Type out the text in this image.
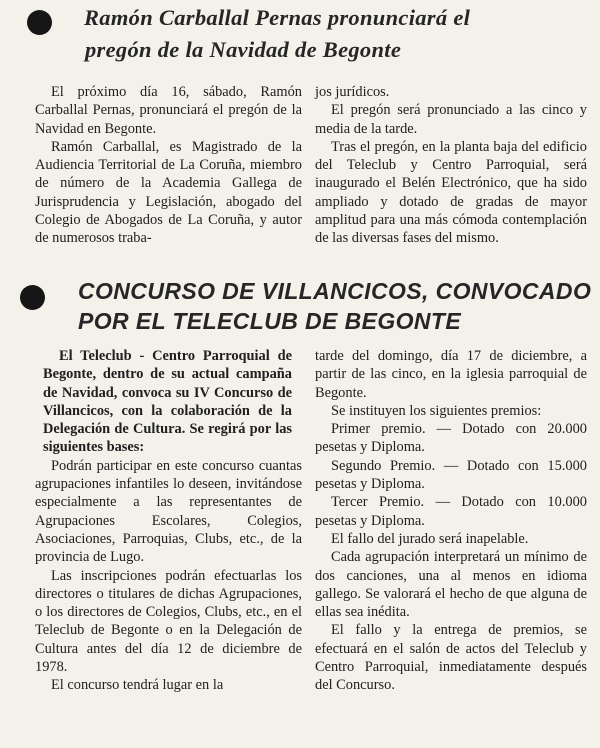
Ramón Carballal Pernas pronunciará el
pregón de la Navidad de Begonte

El próximo día 16, sábado, Ramón Carballal Pernas, pronunciará el pregón de la Navidad en Begonte.

Ramón Carballal, es Magistrado de la Audiencia Territorial de La Coruña, miembro de número de la Academia Gallega de Jurisprudencia y Legislación, abogado del Colegio de Abogados de La Coruña, y autor de numerosos traba-

jos jurídicos.

El pregón será pronunciado a las cinco y media de la tarde.

Tras el pregón, en la planta baja del edificio del Teleclub y Centro Parroquial, será inaugurado el Belén Electrónico, que ha sido ampliado y dotado de gradas de mayor amplitud para una más cómoda contemplación de las diversas fases del mismo.

CONCURSO DE VILLANCICOS, CONVOCADO
POR EL TELECLUB DE BEGONTE

El Teleclub - Centro Parroquial de Begonte, dentro de su actual campaña de Navidad, convoca su IV Concurso de Villancicos, con la colaboración de la Delegación de Cultura. Se regirá por las siguientes bases:

Podrán participar en este concurso cuantas agrupaciones infantiles lo deseen, invitándose especialmente a las representantes de Agrupaciones Escolares, Colegios, Asociaciones, Parroquias, Clubs, etc., de la provincia de Lugo.

Las inscripciones podrán efectuarlas los directores o titulares de dichas Agrupaciones, o los directores de Colegios, Clubs, etc., en el Teleclub de Begonte o en la Delegación de Cultura antes del día 12 de diciembre de 1978.

El concurso tendrá lugar en la

tarde del domingo, día 17 de diciembre, a partir de las cinco, en la iglesia parroquial de Begonte.

Se instituyen los siguientes premios:

Primer premio. — Dotado con 20.000 pesetas y Diploma.

Segundo Premio. — Dotado con 15.000 pesetas y Diploma.

Tercer Premio. — Dotado con 10.000 pesetas y Diploma.

El fallo del jurado será inapelable.

Cada agrupación interpretará un mínimo de dos canciones, una al menos en idioma gallego. Se valorará el hecho de que alguna de ellas sea inédita.

El fallo y la entrega de premios, se efectuará en el salón de actos del Teleclub y Centro Parroquial, inmediatamente después del Concurso.
